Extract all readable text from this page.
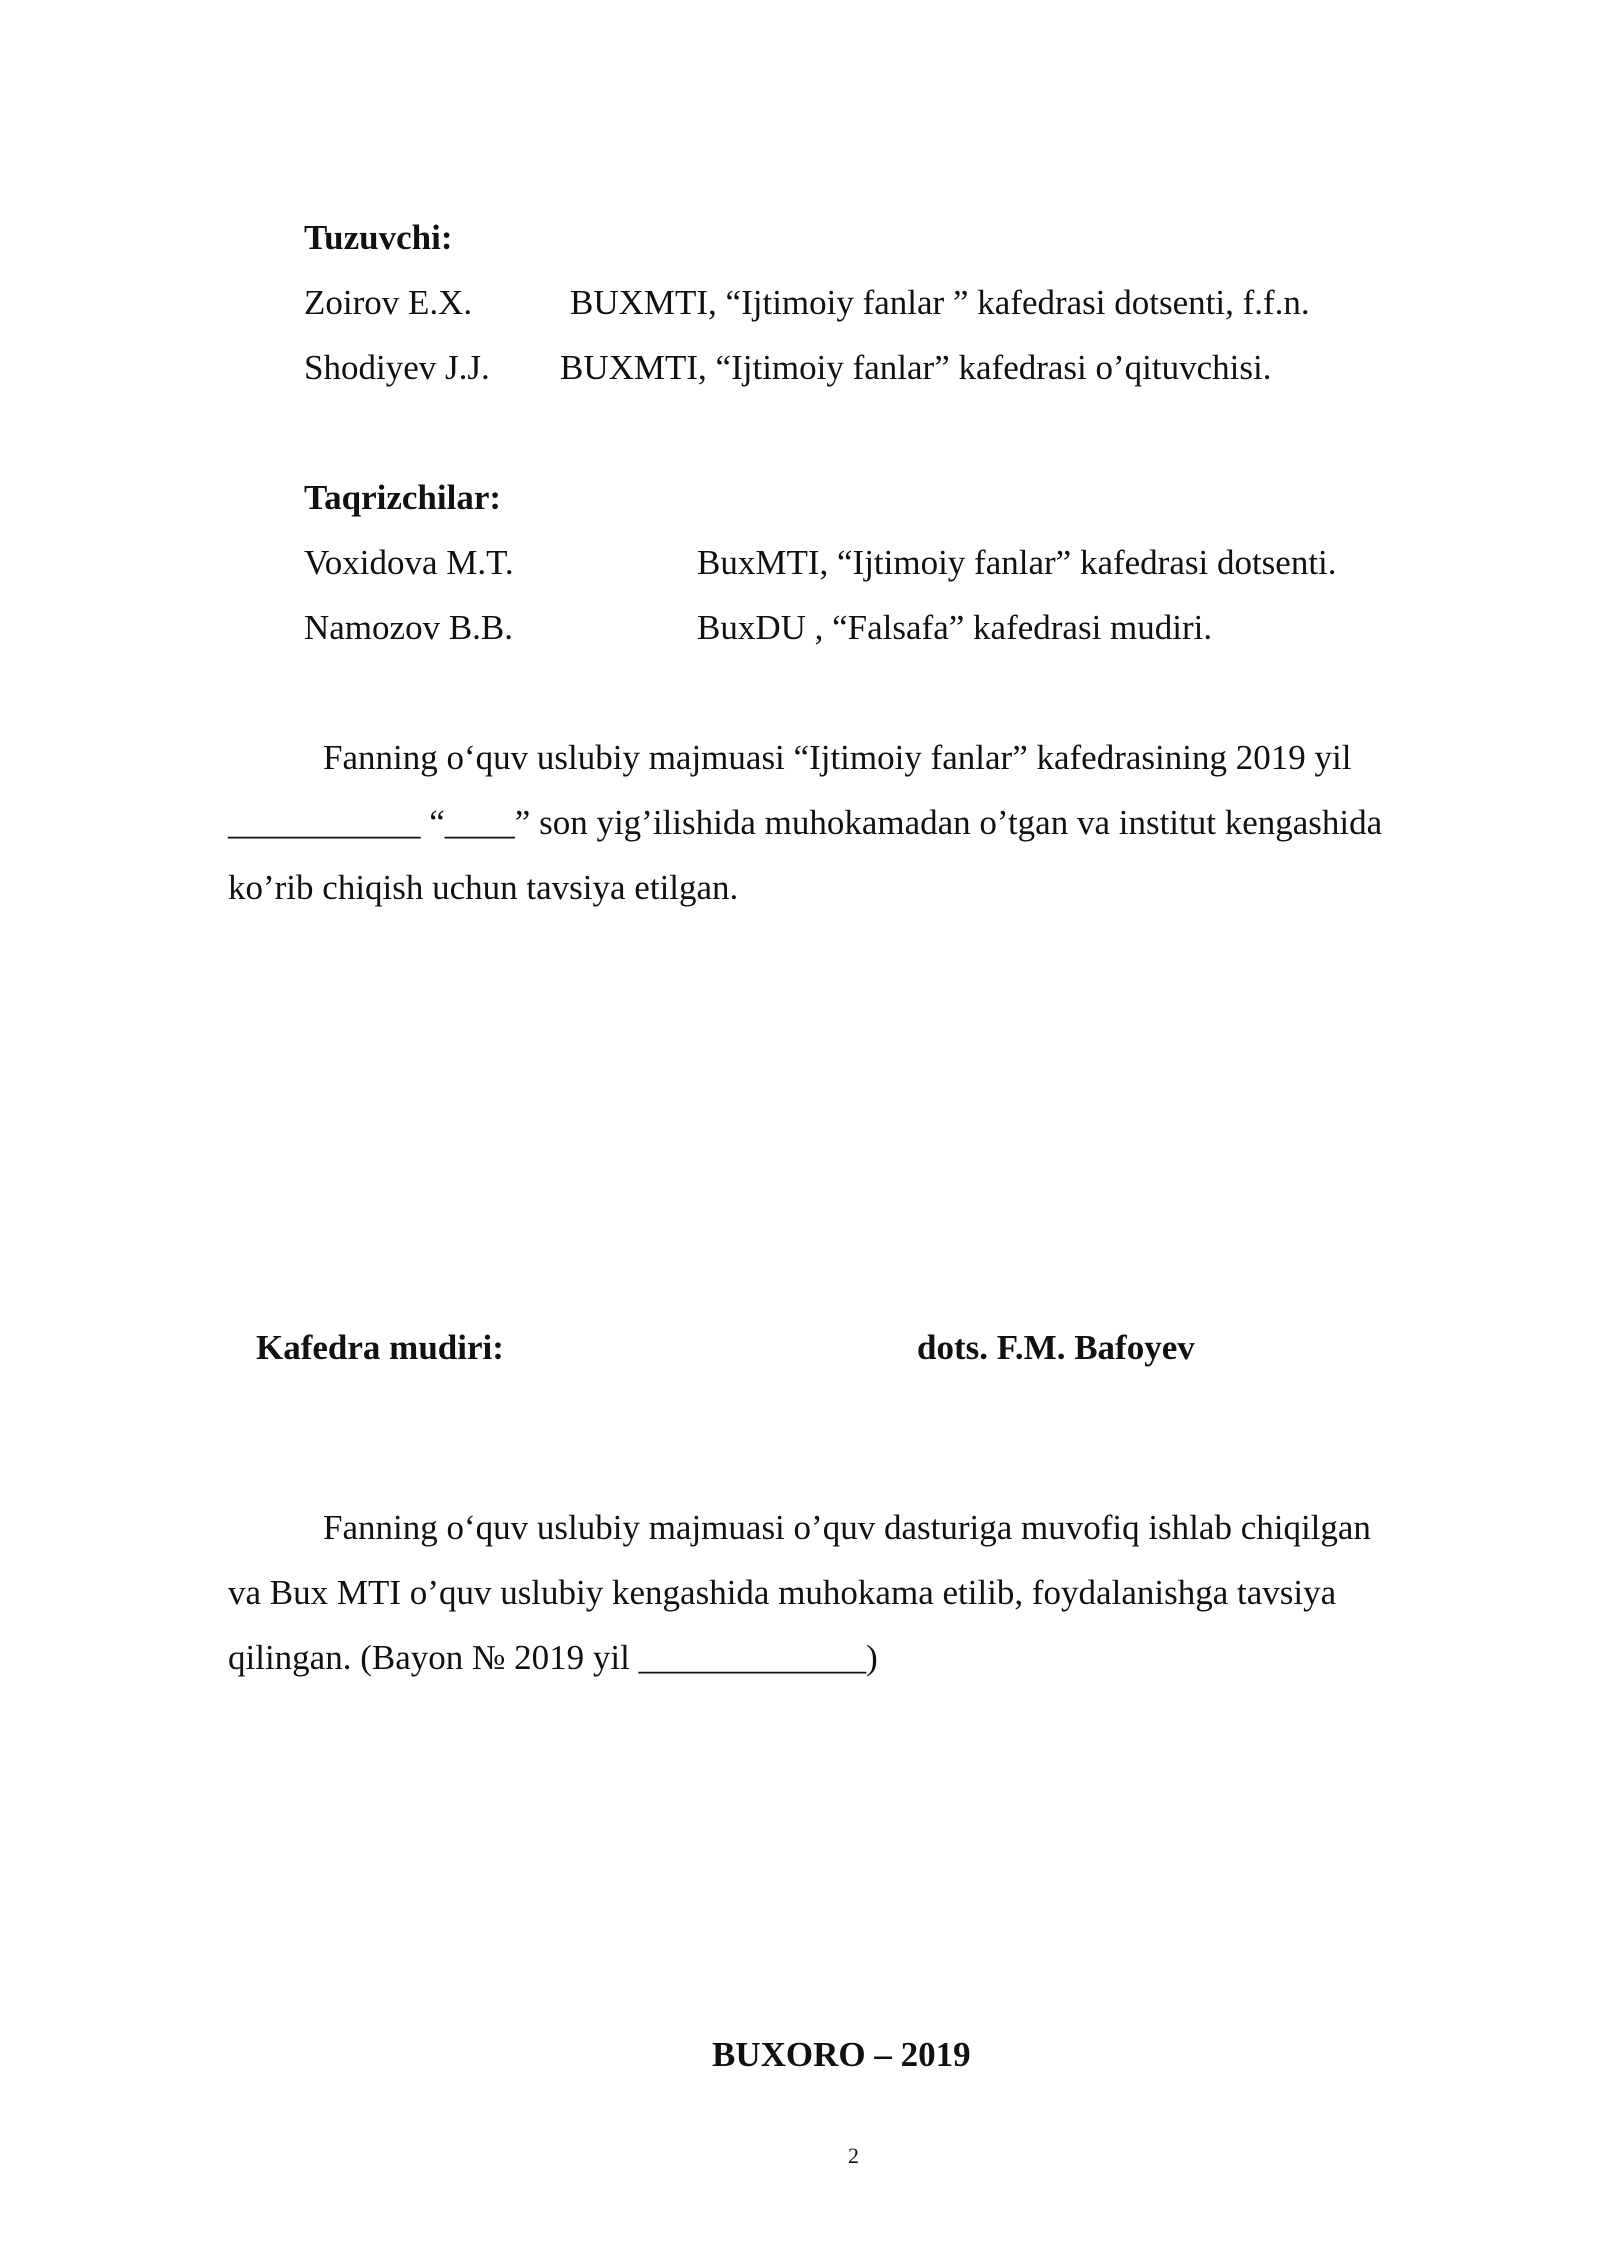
Tuzuvchi:
Zoirov E.X.	BUXMTI, “Ijtimoiy fanlar ” kafedrasi dotsenti, f.f.n.
Shodiyev J.J. BUXMTI, “Ijtimoiy fanlar” kafedrasi o’qituvchisi.
Taqrizchilar:
Voxidova M.T.	BuxMTI, “Ijtimoiy fanlar” kafedrasi dotsenti.
Namozov B.B.	BuxDU , “Falsafa” kafedrasi mudiri.
Fanning o‘quv uslubiy majmuasi “Ijtimoiy fanlar” kafedrasining 2019 yil
___________ “____” son yig’ilishida muhokamadan o’tgan va institut kengashida
ko’rib chiqish uchun tavsiya etilgan.
Kafedra mudiri:	dots. F.M. Bafoyev
Fanning o‘quv uslubiy majmuasi o’quv dasturiga muvofiq ishlab chiqilgan
va Bux MTI o’quv uslubiy kengashida muhokama etilib, foydalanishga tavsiya
qilingan. (Bayon № 2019 yil _____________)
BUXORO – 2019
2
